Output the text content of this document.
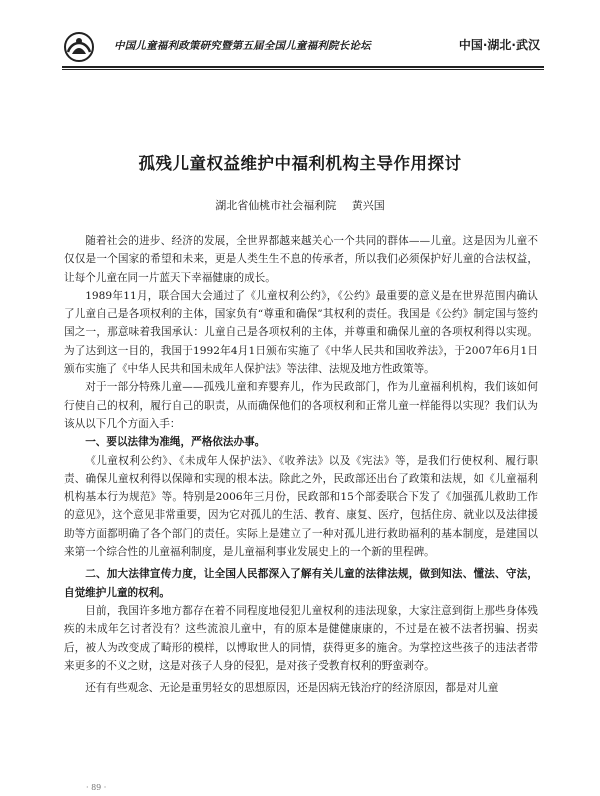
中国儿童福利政策研究暨第五届全国儿童福利院长论坛	中国·湖北·武汉
孤残儿童权益维护中福利机构主导作用探讨
湖北省仙桃市社会福利院 黄兴国

随着社会的进步、经济的发展，全世界都越来越关心一个共同的群体——儿童。这是因为儿童不仅仅是一个国家的希望和未来，更是人类生生不息的传承者，所以我们必须保护好儿童的合法权益，让每个儿童在同一片蓝天下幸福健康的成长。

1989年11月，联合国大会通过了《儿童权利公约》，《公约》最重要的意义是在世界范围内确认了儿童自己是各项权利的主体，国家负有“尊重和确保”其权利的责任。我国是《公约》制定国与签约国之一，那意味着我国承认：儿童自己是各项权利的主体，并尊重和确保儿童的各项权利得以实现。为了达到这一目的，我国于1992年4月1日颁布实施了《中华人民共和国收养法》，于2007年6月1日颁布实施了《中华人民共和国未成年人保护法》等法律、法规及地方性政策等。

对于一部分特殊儿童——孤残儿童和弃婴弃儿，作为民政部门，作为儿童福利机构，我们该如何行使自己的权利，履行自己的职责，从而确保他们的各项权利和正常儿童一样能得以实现？我们认为该从以下几个方面入手：

一、要以法律为准绳，严格依法办事。

《儿童权利公约》、《未成年人保护法》、《收养法》以及《宪法》等，是我们行使权利、履行职责、确保儿童权利得以保障和实现的根本法。除此之外，民政部还出台了政策和法规，如《儿童福利机构基本行为规范》等。特别是2006年三月份，民政部和15个部委联合下发了《加强孤儿救助工作的意见》，这个意见非常重要，因为它对孤儿的生活、教育、康复、医疗，包括住房、就业以及法律援助等方面都明确了各个部门的责任。实际上是建立了一种对孤儿进行救助福利的基本制度，是建国以来第一个综合性的儿童福利制度，是儿童福利事业发展史上的一个新的里程碑。

二、加大法律宣传力度，让全国人民都深入了解有关儿童的法律法规，做到知法、懂法、守法，自觉维护儿童的权利。

目前，我国许多地方都存在着不同程度地侵犯儿童权利的违法现象，大家注意到街上那些身体残疾的未成年乞讨者没有？这些流浪儿童中，有的原本是健健康康的，不过是在被不法者拐骗、拐卖后，被人为改变成了畸形的模样，以博取世人的同情，获得更多的施舍。为掌控这些孩子的违法者带来更多的不义之财，这是对孩子人身的侵犯，是对孩子受教育权利的野蛮剥夺。

还有有些观念、无论是重男轻女的思想原因，还是因病无钱治疗的经济原因，都是对儿童

· 89 ·
